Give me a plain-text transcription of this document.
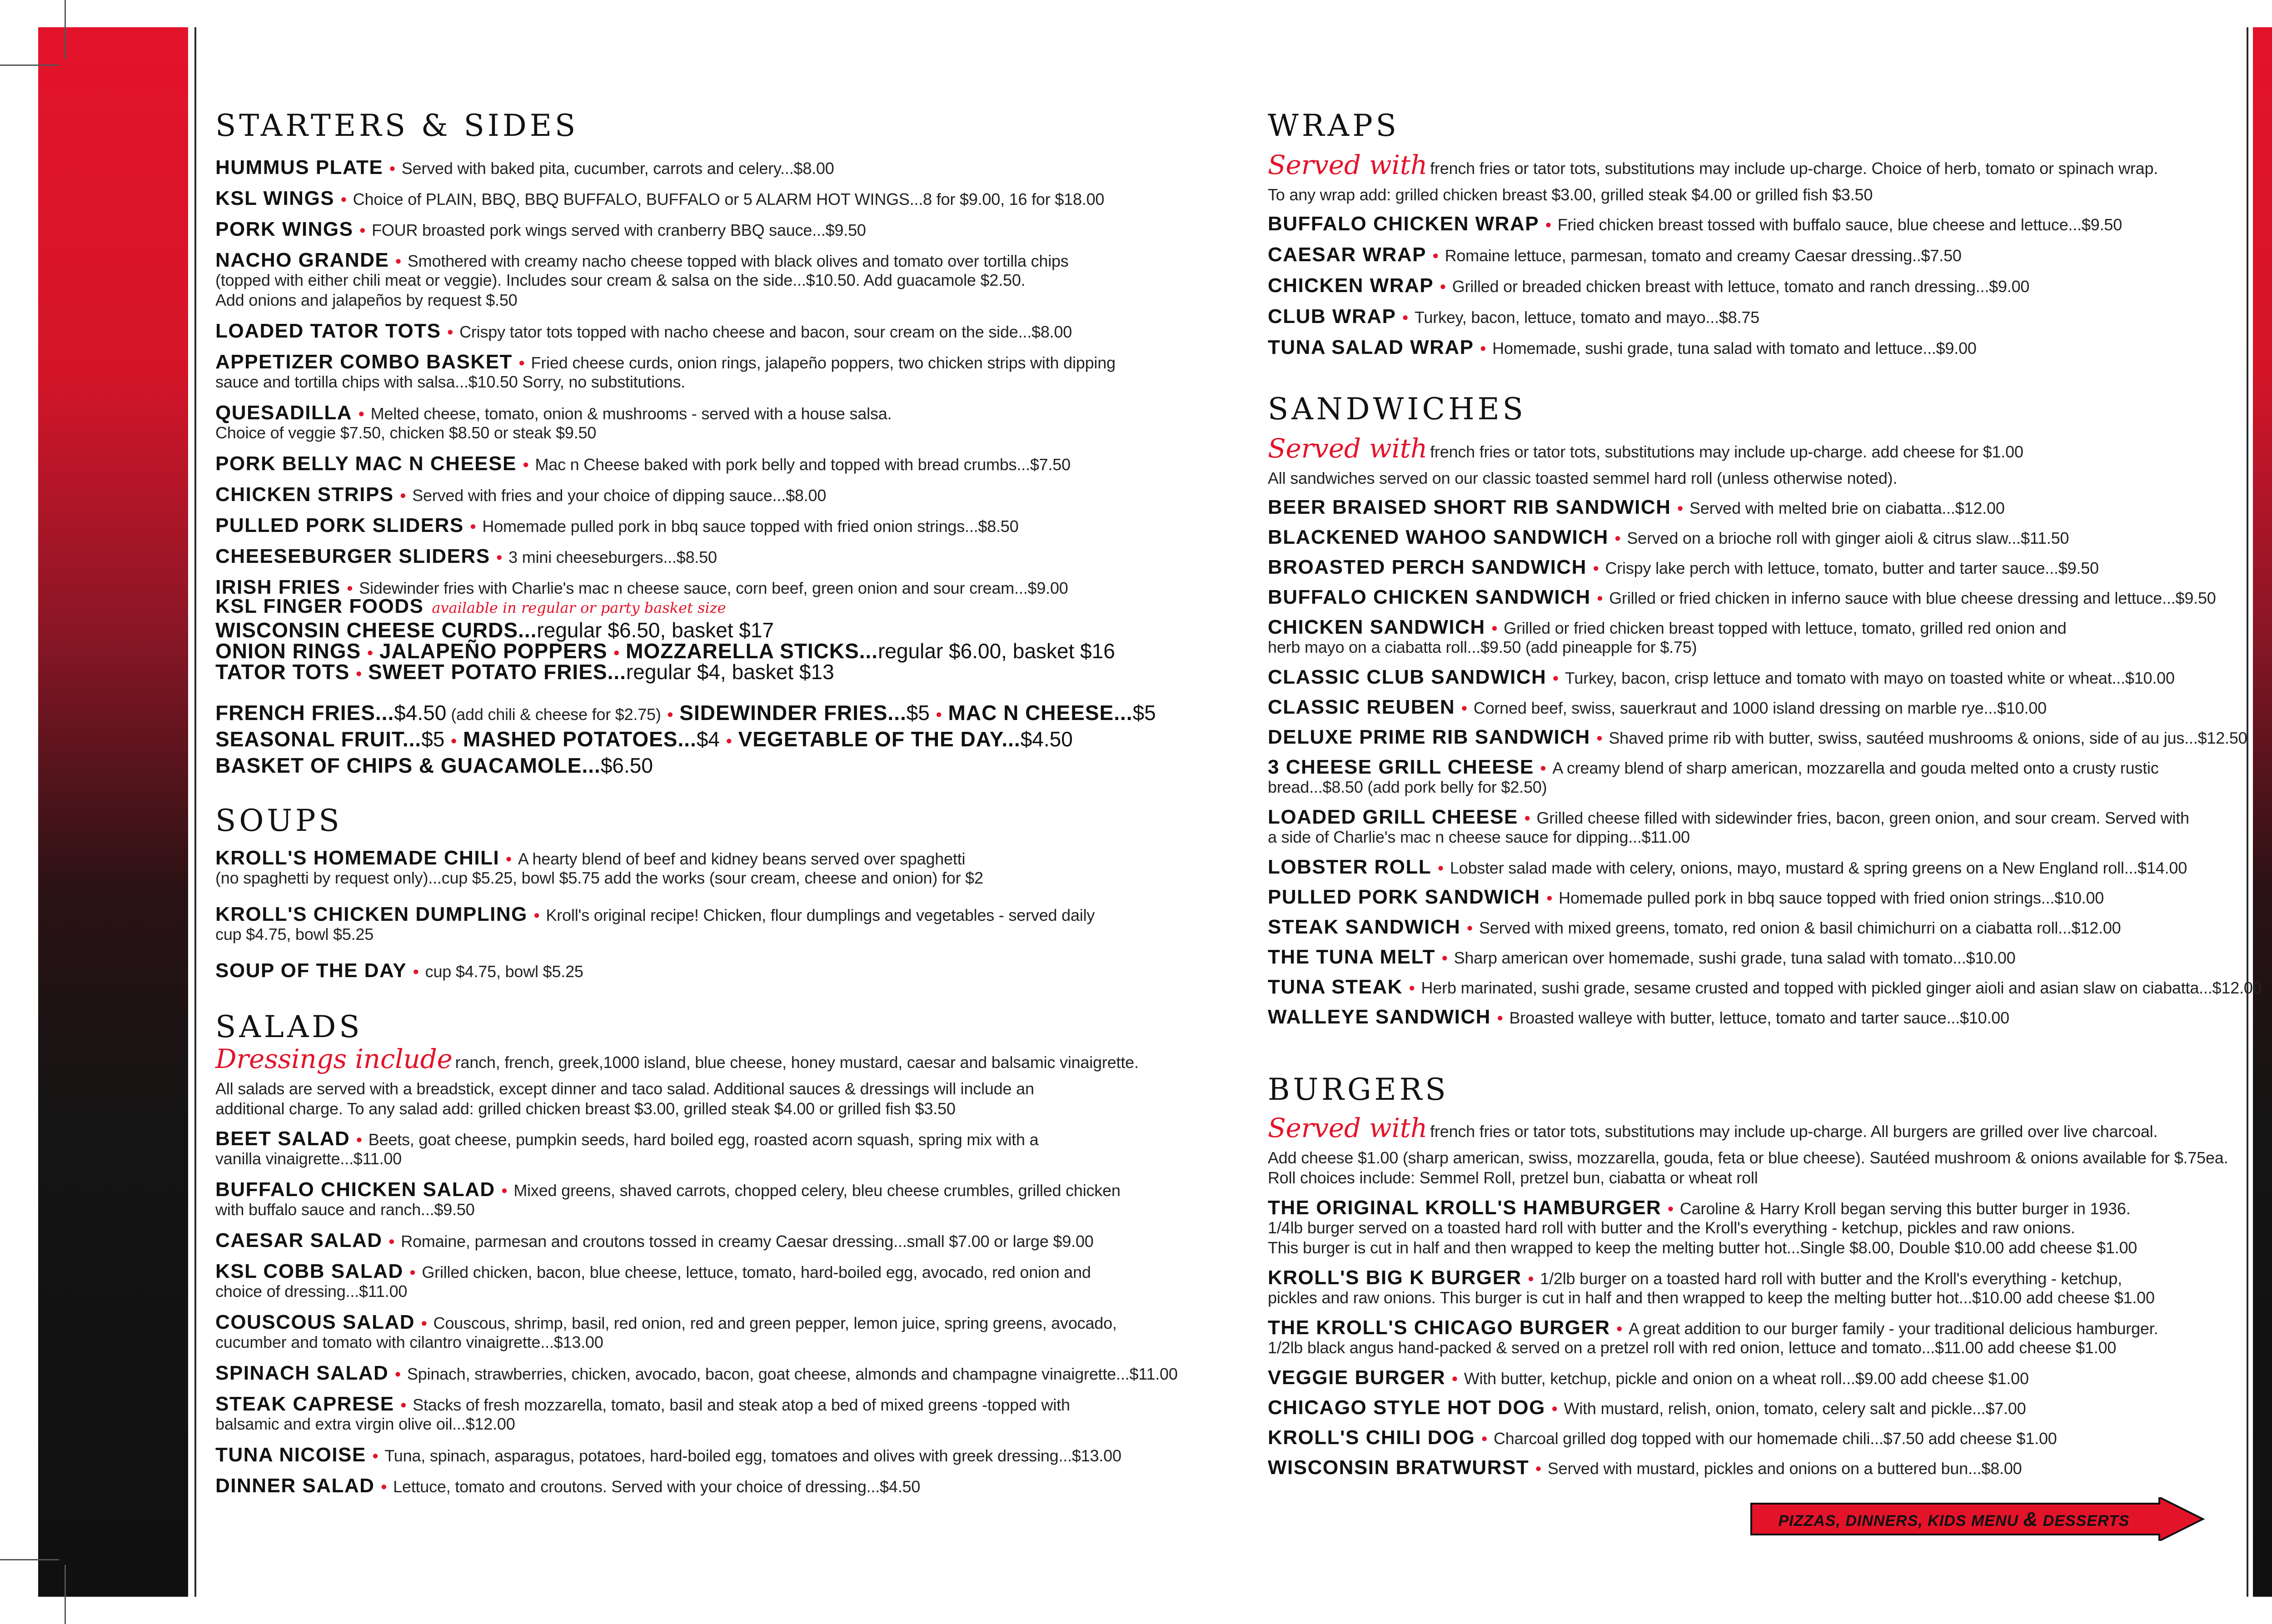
STARTERS & SIDES
HUMMUS PLATE • Served with baked pita, cucumber, carrots and celery...$8.00
KSL WINGS • Choice of PLAIN, BBQ, BBQ BUFFALO, BUFFALO or 5 ALARM HOT WINGS...8 for $9.00, 16 for $18.00
PORK WINGS • FOUR broasted pork wings served with cranberry BBQ sauce...$9.50
NACHO GRANDE • Smothered with creamy nacho cheese topped with black olives and tomato over tortilla chips
(topped with either chili meat or veggie). Includes sour cream & salsa on the side...$10.50. Add guacamole $2.50.
Add onions and jalapeños by request $.50
LOADED TATOR TOTS • Crispy tator tots topped with nacho cheese and bacon, sour cream on the side...$8.00
APPETIZER COMBO BASKET • Fried cheese curds, onion rings, jalapeño poppers, two chicken strips with dipping
sauce and tortilla chips with salsa...$10.50 Sorry, no substitutions.
QUESADILLA • Melted cheese, tomato, onion & mushrooms - served with a house salsa.
Choice of veggie $7.50, chicken $8.50 or steak $9.50
PORK BELLY MAC N CHEESE • Mac n Cheese baked with pork belly and topped with bread crumbs...$7.50
CHICKEN STRIPS • Served with fries and your choice of dipping sauce...$8.00
PULLED PORK SLIDERS • Homemade pulled pork in bbq sauce topped with fried onion strings...$8.50
CHEESEBURGER SLIDERS • 3 mini cheeseburgers...$8.50
IRISH FRIES • Sidewinder fries with Charlie's mac n cheese sauce, corn beef, green onion and sour cream...$9.00
KSL FINGER FOODS available in regular or party basket size
WISCONSIN CHEESE CURDS...regular $6.50, basket $17
ONION RINGS • JALAPEÑO POPPERS • MOZZARELLA STICKS...regular $6.00, basket $16
TATOR TOTS • SWEET POTATO FRIES...regular $4, basket $13
FRENCH FRIES...$4.50 (add chili & cheese for $2.75) • SIDEWINDER FRIES...$5 • MAC N CHEESE...$5
SEASONAL FRUIT...$5 • MASHED POTATOES...$4 • VEGETABLE OF THE DAY...$4.50
BASKET OF CHIPS & GUACAMOLE...$6.50
SOUPS
KROLL'S HOMEMADE CHILI • A hearty blend of beef and kidney beans served over spaghetti
(no spaghetti by request only)...cup $5.25, bowl $5.75 add the works (sour cream, cheese and onion) for $2
KROLL'S CHICKEN DUMPLING • Kroll's original recipe! Chicken, flour dumplings and vegetables - served daily
cup $4.75, bowl $5.25
SOUP OF THE DAY • cup $4.75, bowl $5.25
SALADS
Dressings include ranch, french, greek,1000 island, blue cheese, honey mustard, caesar and balsamic vinaigrette.
All salads are served with a breadstick, except dinner and taco salad. Additional sauces & dressings will include an
additional charge. To any salad add: grilled chicken breast $3.00, grilled steak $4.00 or grilled fish $3.50
BEET SALAD • Beets, goat cheese, pumpkin seeds, hard boiled egg, roasted acorn squash, spring mix with a
vanilla vinaigrette...$11.00
BUFFALO CHICKEN SALAD • Mixed greens, shaved carrots, chopped celery, bleu cheese crumbles, grilled chicken
with buffalo sauce and ranch...$9.50
CAESAR SALAD • Romaine, parmesan and croutons tossed in creamy Caesar dressing...small $7.00 or large $9.00
KSL COBB SALAD • Grilled chicken, bacon, blue cheese, lettuce, tomato, hard-boiled egg, avocado, red onion and
choice of dressing...$11.00
COUSCOUS SALAD • Couscous, shrimp, basil, red onion, red and green pepper, lemon juice, spring greens, avocado,
cucumber and tomato with cilantro vinaigrette...$13.00
SPINACH SALAD • Spinach, strawberries, chicken, avocado, bacon, goat cheese, almonds and champagne vinaigrette...$11.00
STEAK CAPRESE • Stacks of fresh mozzarella, tomato, basil and steak atop a bed of mixed greens -topped with
balsamic and extra virgin olive oil...$12.00
TUNA NICOISE • Tuna, spinach, asparagus, potatoes, hard-boiled egg, tomatoes and olives with greek dressing...$13.00
DINNER SALAD • Lettuce, tomato and croutons. Served with your choice of dressing...$4.50
WRAPS
Served with french fries or tator tots, substitutions may include up-charge. Choice of herb, tomato or spinach wrap.
To any wrap add: grilled chicken breast $3.00, grilled steak $4.00 or grilled fish $3.50
BUFFALO CHICKEN WRAP • Fried chicken breast tossed with buffalo sauce, blue cheese and lettuce...$9.50
CAESAR WRAP • Romaine lettuce, parmesan, tomato and creamy Caesar dressing..$7.50
CHICKEN WRAP • Grilled or breaded chicken breast with lettuce, tomato and ranch dressing...$9.00
CLUB WRAP • Turkey, bacon, lettuce, tomato and mayo...$8.75
TUNA SALAD WRAP • Homemade, sushi grade, tuna salad with tomato and lettuce...$9.00
SANDWICHES
Served with french fries or tator tots, substitutions may include up-charge. add cheese for $1.00
All sandwiches served on our classic toasted semmel hard roll (unless otherwise noted).
BEER BRAISED SHORT RIB SANDWICH • Served with melted brie on ciabatta...$12.00
BLACKENED WAHOO SANDWICH • Served on a brioche roll with ginger aioli & citrus slaw...$11.50
BROASTED PERCH SANDWICH • Crispy lake perch with lettuce, tomato, butter and tarter sauce...$9.50
BUFFALO CHICKEN SANDWICH • Grilled or fried chicken in inferno sauce with blue cheese dressing and lettuce...$9.50
CHICKEN SANDWICH • Grilled or fried chicken breast topped with lettuce, tomato, grilled red onion and
herb mayo on a ciabatta roll...$9.50 (add pineapple for $.75)
CLASSIC CLUB SANDWICH • Turkey, bacon, crisp lettuce and tomato with mayo on toasted white or wheat...$10.00
CLASSIC REUBEN • Corned beef, swiss, sauerkraut and 1000 island dressing on marble rye...$10.00
DELUXE PRIME RIB SANDWICH • Shaved prime rib with butter, swiss, sautéed mushrooms & onions, side of au jus...$12.50
3 CHEESE GRILL CHEESE • A creamy blend of sharp american, mozzarella and gouda melted onto a crusty rustic
bread...$8.50 (add pork belly for $2.50)
LOADED GRILL CHEESE • Grilled cheese filled with sidewinder fries, bacon, green onion, and sour cream. Served with
a side of Charlie's mac n cheese sauce for dipping...$11.00
LOBSTER ROLL • Lobster salad made with celery, onions, mayo, mustard & spring greens on a New England roll...$14.00
PULLED PORK SANDWICH • Homemade pulled pork in bbq sauce topped with fried onion strings...$10.00
STEAK SANDWICH • Served with mixed greens, tomato, red onion & basil chimichurri on a ciabatta roll...$12.00
THE TUNA MELT • Sharp american over homemade, sushi grade, tuna salad with tomato...$10.00
TUNA STEAK • Herb marinated, sushi grade, sesame crusted and topped with pickled ginger aioli and asian slaw on ciabatta...$12.00
WALLEYE SANDWICH • Broasted walleye with butter, lettuce, tomato and tarter sauce...$10.00
BURGERS
Served with french fries or tator tots, substitutions may include up-charge. All burgers are grilled over live charcoal.
Add cheese $1.00 (sharp american, swiss, mozzarella, gouda, feta or blue cheese). Sautéed mushroom & onions available for $.75ea.
Roll choices include: Semmel Roll, pretzel bun, ciabatta or wheat roll
THE ORIGINAL KROLL'S HAMBURGER • Caroline & Harry Kroll began serving this butter burger in 1936.
1/4lb burger served on a toasted hard roll with butter and the Kroll's everything - ketchup, pickles and raw onions.
This burger is cut in half and then wrapped to keep the melting butter hot...Single $8.00, Double $10.00 add cheese $1.00
KROLL'S BIG K BURGER • 1/2lb burger on a toasted hard roll with butter and the Kroll's everything - ketchup,
pickles and raw onions. This burger is cut in half and then wrapped to keep the melting butter hot...$10.00 add cheese $1.00
THE KROLL'S CHICAGO BURGER • A great addition to our burger family - your traditional delicious hamburger.
1/2lb black angus hand-packed & served on a pretzel roll with red onion, lettuce and tomato...$11.00 add cheese $1.00
VEGGIE BURGER • With butter, ketchup, pickle and onion on a wheat roll...$9.00 add cheese $1.00
CHICAGO STYLE HOT DOG • With mustard, relish, onion, tomato, celery salt and pickle...$7.00
KROLL'S CHILI DOG • Charcoal grilled dog topped with our homemade chili...$7.50 add cheese $1.00
WISCONSIN BRATWURST • Served with mustard, pickles and onions on a buttered bun...$8.00
PIZZAS, DINNERS, KIDS MENU & DESSERTS
